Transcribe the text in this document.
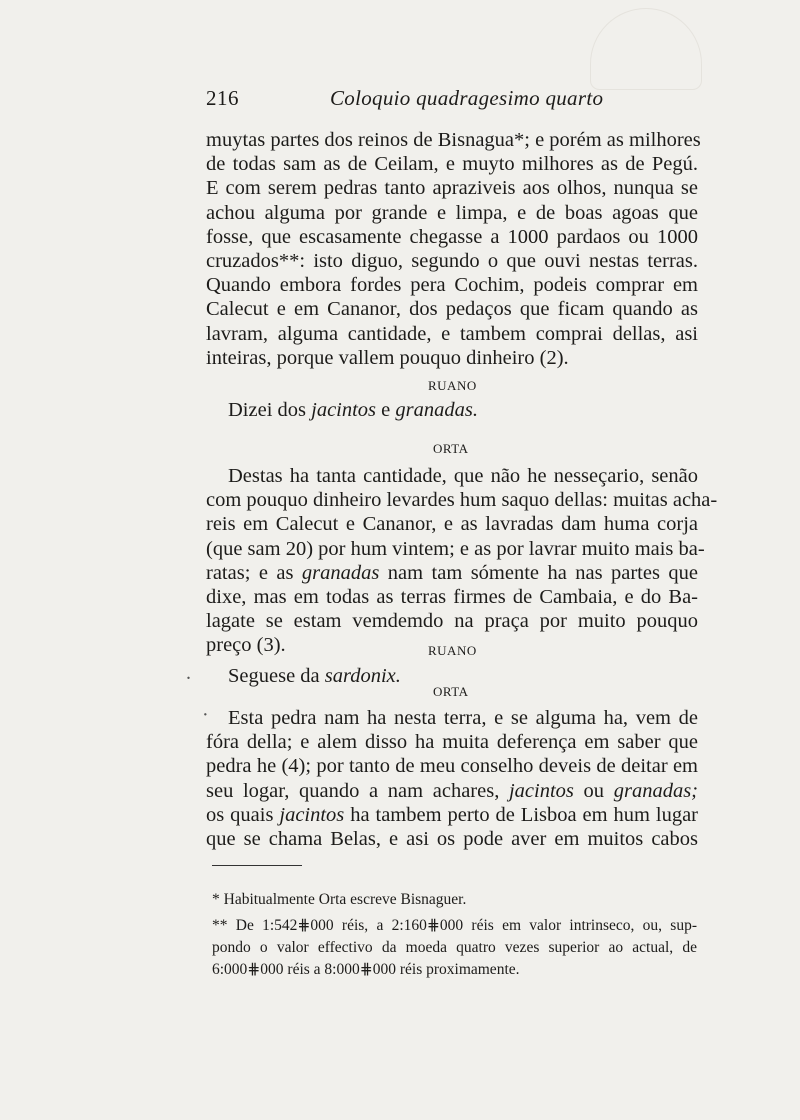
216	Coloquio quadragesimo quarto
muytas partes dos reinos de Bisnagua*; e porém as milhores
de todas sam as de Ceilam, e muyto milhores as de Pegú.
E com serem pedras tanto apraziveis aos olhos, nunqua se
achou alguma por grande e limpa, e de boas agoas que
fosse, que escasamente chegasse a 1000 pardaos ou 1000
cruzados**: isto diguo, segundo o que ouvi nestas terras.
Quando embora fordes pera Cochim, podeis comprar em
Calecut e em Cananor, dos pedaços que ficam quando as
lavram, alguma cantidade, e tambem comprai dellas, asi
inteiras, porque vallem pouquo dinheiro (2).
RUANO
Dizei dos jacintos e granadas.
ORTA
Destas ha tanta cantidade, que não he nesseçario, senão
com pouquo dinheiro levardes hum saquo dellas: muitas acha-
reis em Calecut e Cananor, e as lavradas dam huma corja
(que sam 20) por hum vintem; e as por lavrar muito mais ba-
ratas; e as granadas nam tam sómente ha nas partes que
dixe, mas em todas as terras firmes de Cambaia, e do Ba-
lagate se estam vemdemdo na praça por muito pouquo
preço (3).	RUANO
.	Seguese da sardonix.
ORTA
· Esta pedra nam ha nesta terra, e se alguma ha, vem de
fóra della; e alem disso ha muita deferença em saber que
pedra he (4); por tanto de meu conselho deveis de deitar em
seu logar, quando a nam achares, jacintos ou granadas;
os quais jacintos ha tambem perto de Lisboa em hum lugar
que se chama Belas, e asi os pode aver em muitos cabos
* Habitualmente Orta escreve Bisnaguer.
** De 1:542⋕000 réis, a 2:160⋕000 réis em valor intrinseco, ou, sup-
pondo o valor effectivo da moeda quatro vezes superior ao actual, de
6:000⋕000 réis a 8:000⋕000 réis proximamente.
